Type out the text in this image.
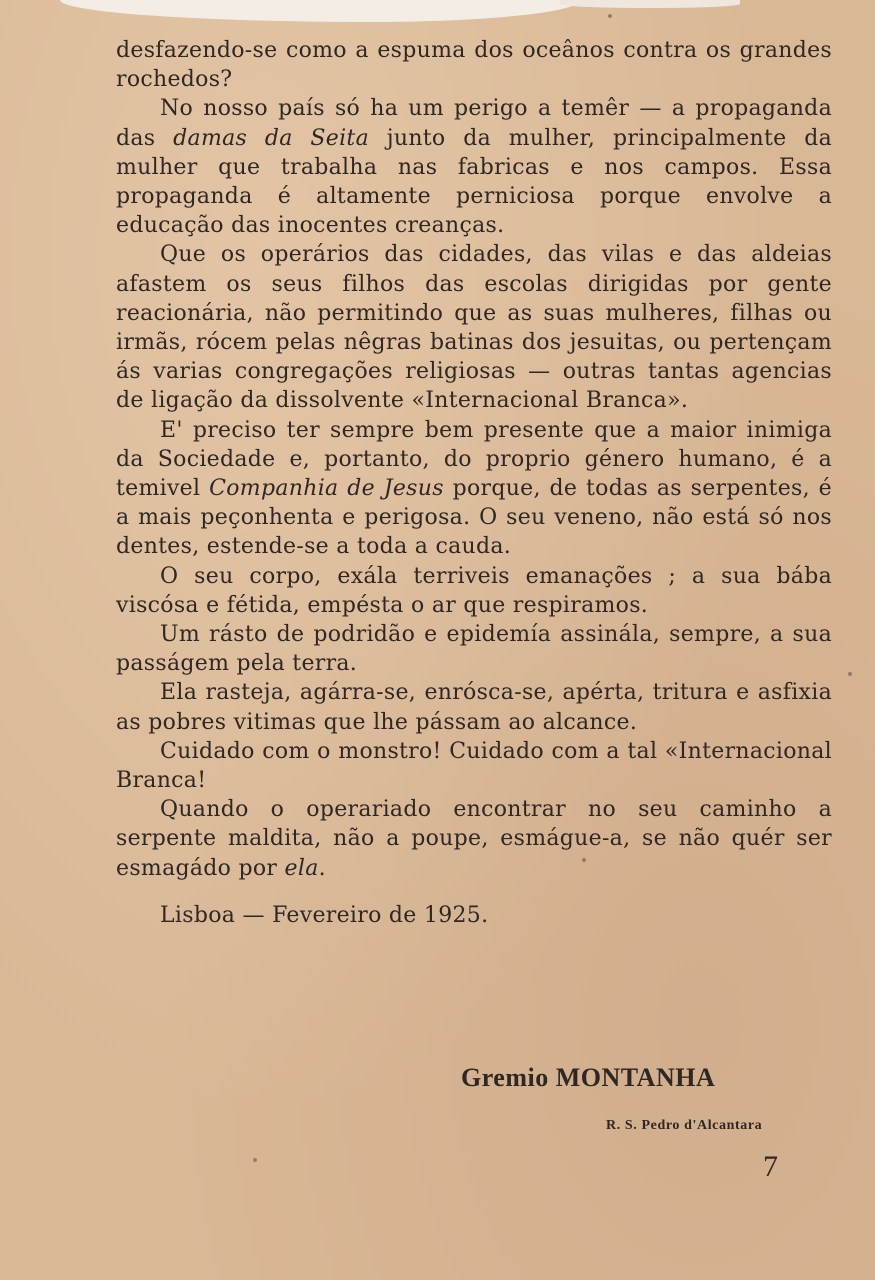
desfazendo-se como a espuma dos oceânos contra os grandes rochedos?

No nosso país só ha um perigo a temêr — a propaganda das damas da Seita junto da mulher, principalmente da mulher que trabalha nas fabricas e nos campos. Essa propaganda é altamente perniciosa porque envolve a educação das inocentes creanças.

Que os operários das cidades, das vilas e das aldeias afastem os seus filhos das escolas dirigidas por gente reacionária, não permitindo que as suas mulheres, filhas ou irmãs, rócem pelas nêgras batinas dos jesuitas, ou pertençam ás varias congregações religiosas — outras tantas agencias de ligação da dissolvente «Internacional Branca».

E' preciso ter sempre bem presente que a maior inimiga da Sociedade e, portanto, do proprio género humano, é a temivel Companhia de Jesus porque, de todas as serpentes, é a mais peçonhenta e perigosa. O seu veneno, não está só nos dentes, estende-se a toda a cauda.

O seu corpo, exála terriveis emanações ; a sua bába viscósa e fétida, empésta o ar que respiramos.

Um rásto de podridão e epidemía assinála, sempre, a sua passágem pela terra.

Ela rasteja, agárra-se, enrósca-se, apérta, tritura e asfixia as pobres vitimas que lhe pássam ao alcance.

Cuidado com o monstro! Cuidado com a tal «Internacional Branca!

Quando o operariado encontrar no seu caminho a serpente maldita, não a poupe, esmágue-a, se não quér ser esmagádo por ela.

Lisboa — Fevereiro de 1925.

Gremio MONTANHA
R. S. Pedro d'Alcantara
7
